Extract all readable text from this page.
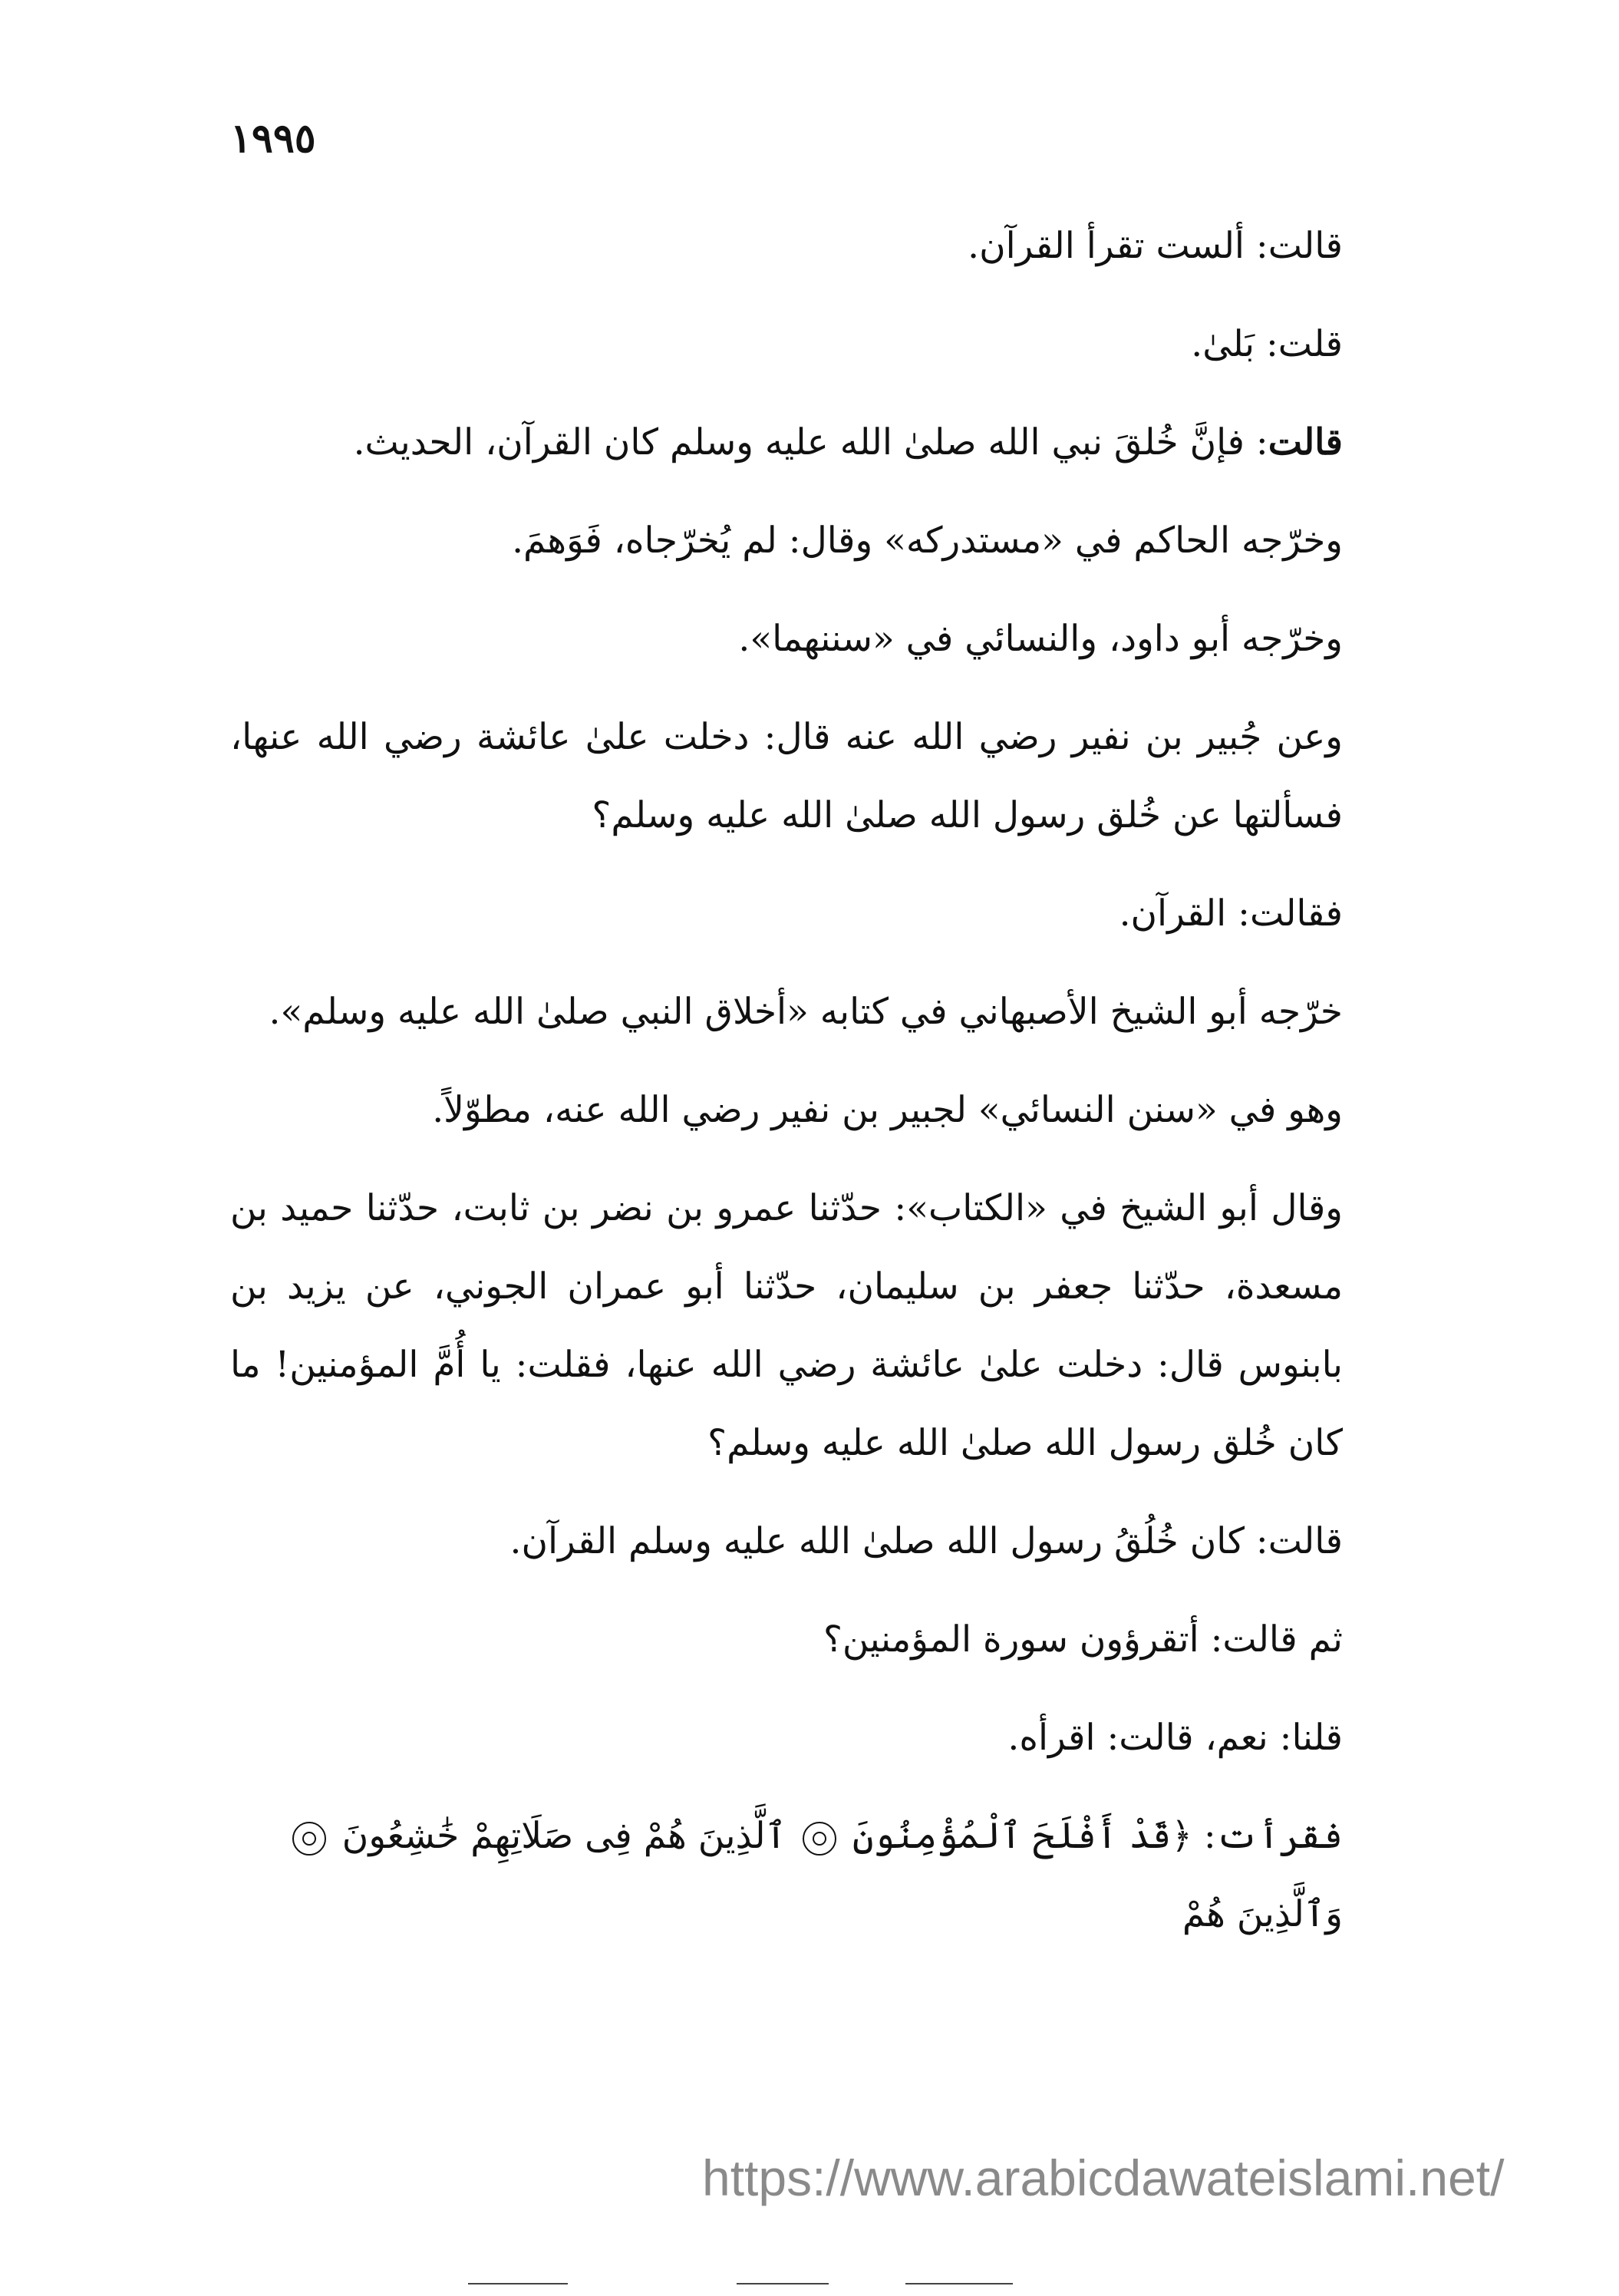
١٩٩٥

قالت: ألست تقرأ القرآن.

قلت: بَلىٰ.

قالت: فإنَّ خُلقَ نبي الله صلىٰ الله عليه وسلم كان القرآن، الحديث.

وخرّجه الحاكم في «مستدركه» وقال: لم يُخرّجاه، فَوَهمَ.

وخرّجه أبو داود، والنسائي في «سننهما».

وعن جُبير بن نفير رضي الله عنه قال: دخلت علىٰ عائشة رضي الله عنها، فسألتها عن خُلق رسول الله صلىٰ الله عليه وسلم؟

فقالت: القرآن.

خرّجه أبو الشيخ الأصبهاني في كتابه «أخلاق النبي صلىٰ الله عليه وسلم».

وهو في «سنن النسائي» لجبير بن نفير رضي الله عنه، مطوّلاً.

وقال أبو الشيخ في «الكتاب»: حدّثنا عمرو بن نضر بن ثابت، حدّثنا حميد بن مسعدة، حدّثنا جعفر بن سليمان، حدّثنا أبو عمران الجوني، عن يزيد بن بابنوس قال: دخلت علىٰ عائشة رضي الله عنها، فقلت: يا أُمَّ المؤمنين! ما كان خُلق رسول الله صلىٰ الله عليه وسلم؟

قالت: كان خُلُقُ رسول الله صلىٰ الله عليه وسلم القرآن.

ثم قالت: أتقرؤون سورة المؤمنين؟

قلنا: نعم، قالت: اقرأه.

فقرأت: ﴿قَدْ أَفْلَحَ ٱلْمُؤْمِنُونَ  ٱلَّذِينَ هُمْ فِى صَلَاتِهِمْ خَٰشِعُونَ  وَٱلَّذِينَ هُمْ

https://www.arabicdawateislami.net/
